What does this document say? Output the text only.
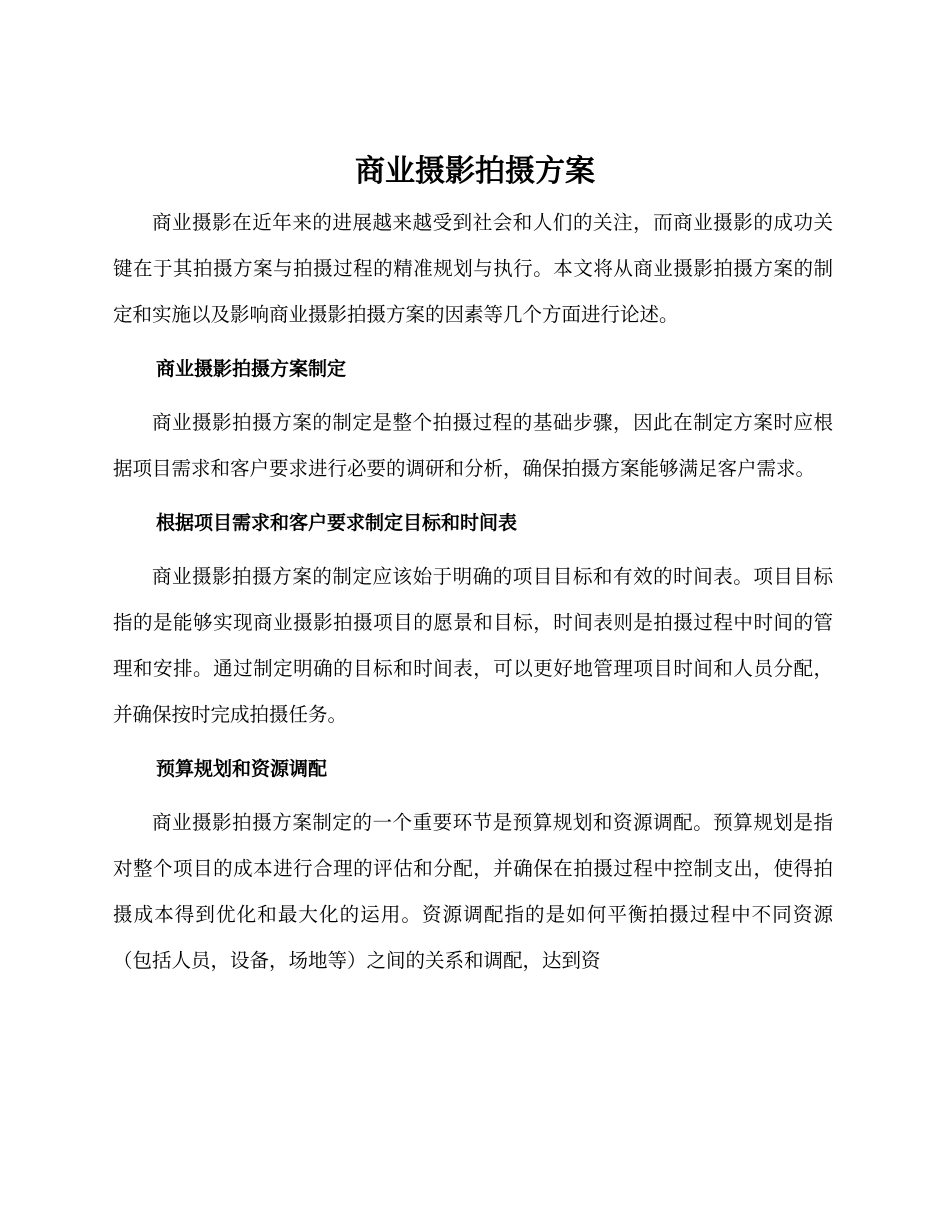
商业摄影拍摄方案

商业摄影在近年来的进展越来越受到社会和人们的关注，而商业摄影的成功关键在于其拍摄方案与拍摄过程的精准规划与执行。本文将从商业摄影拍摄方案的制定和实施以及影响商业摄影拍摄方案的因素等几个方面进行论述。

商业摄影拍摄方案制定

商业摄影拍摄方案的制定是整个拍摄过程的基础步骤，因此在制定方案时应根据项目需求和客户要求进行必要的调研和分析，确保拍摄方案能够满足客户需求。

根据项目需求和客户要求制定目标和时间表

商业摄影拍摄方案的制定应该始于明确的项目目标和有效的时间表。项目目标指的是能够实现商业摄影拍摄项目的愿景和目标，时间表则是拍摄过程中时间的管理和安排。通过制定明确的目标和时间表，可以更好地管理项目时间和人员分配，并确保按时完成拍摄任务。

预算规划和资源调配

商业摄影拍摄方案制定的一个重要环节是预算规划和资源调配。预算规划是指对整个项目的成本进行合理的评估和分配，并确保在拍摄过程中控制支出，使得拍摄成本得到优化和最大化的运用。资源调配指的是如何平衡拍摄过程中不同资源（包括人员，设备，场地等）之间的关系和调配，达到资
